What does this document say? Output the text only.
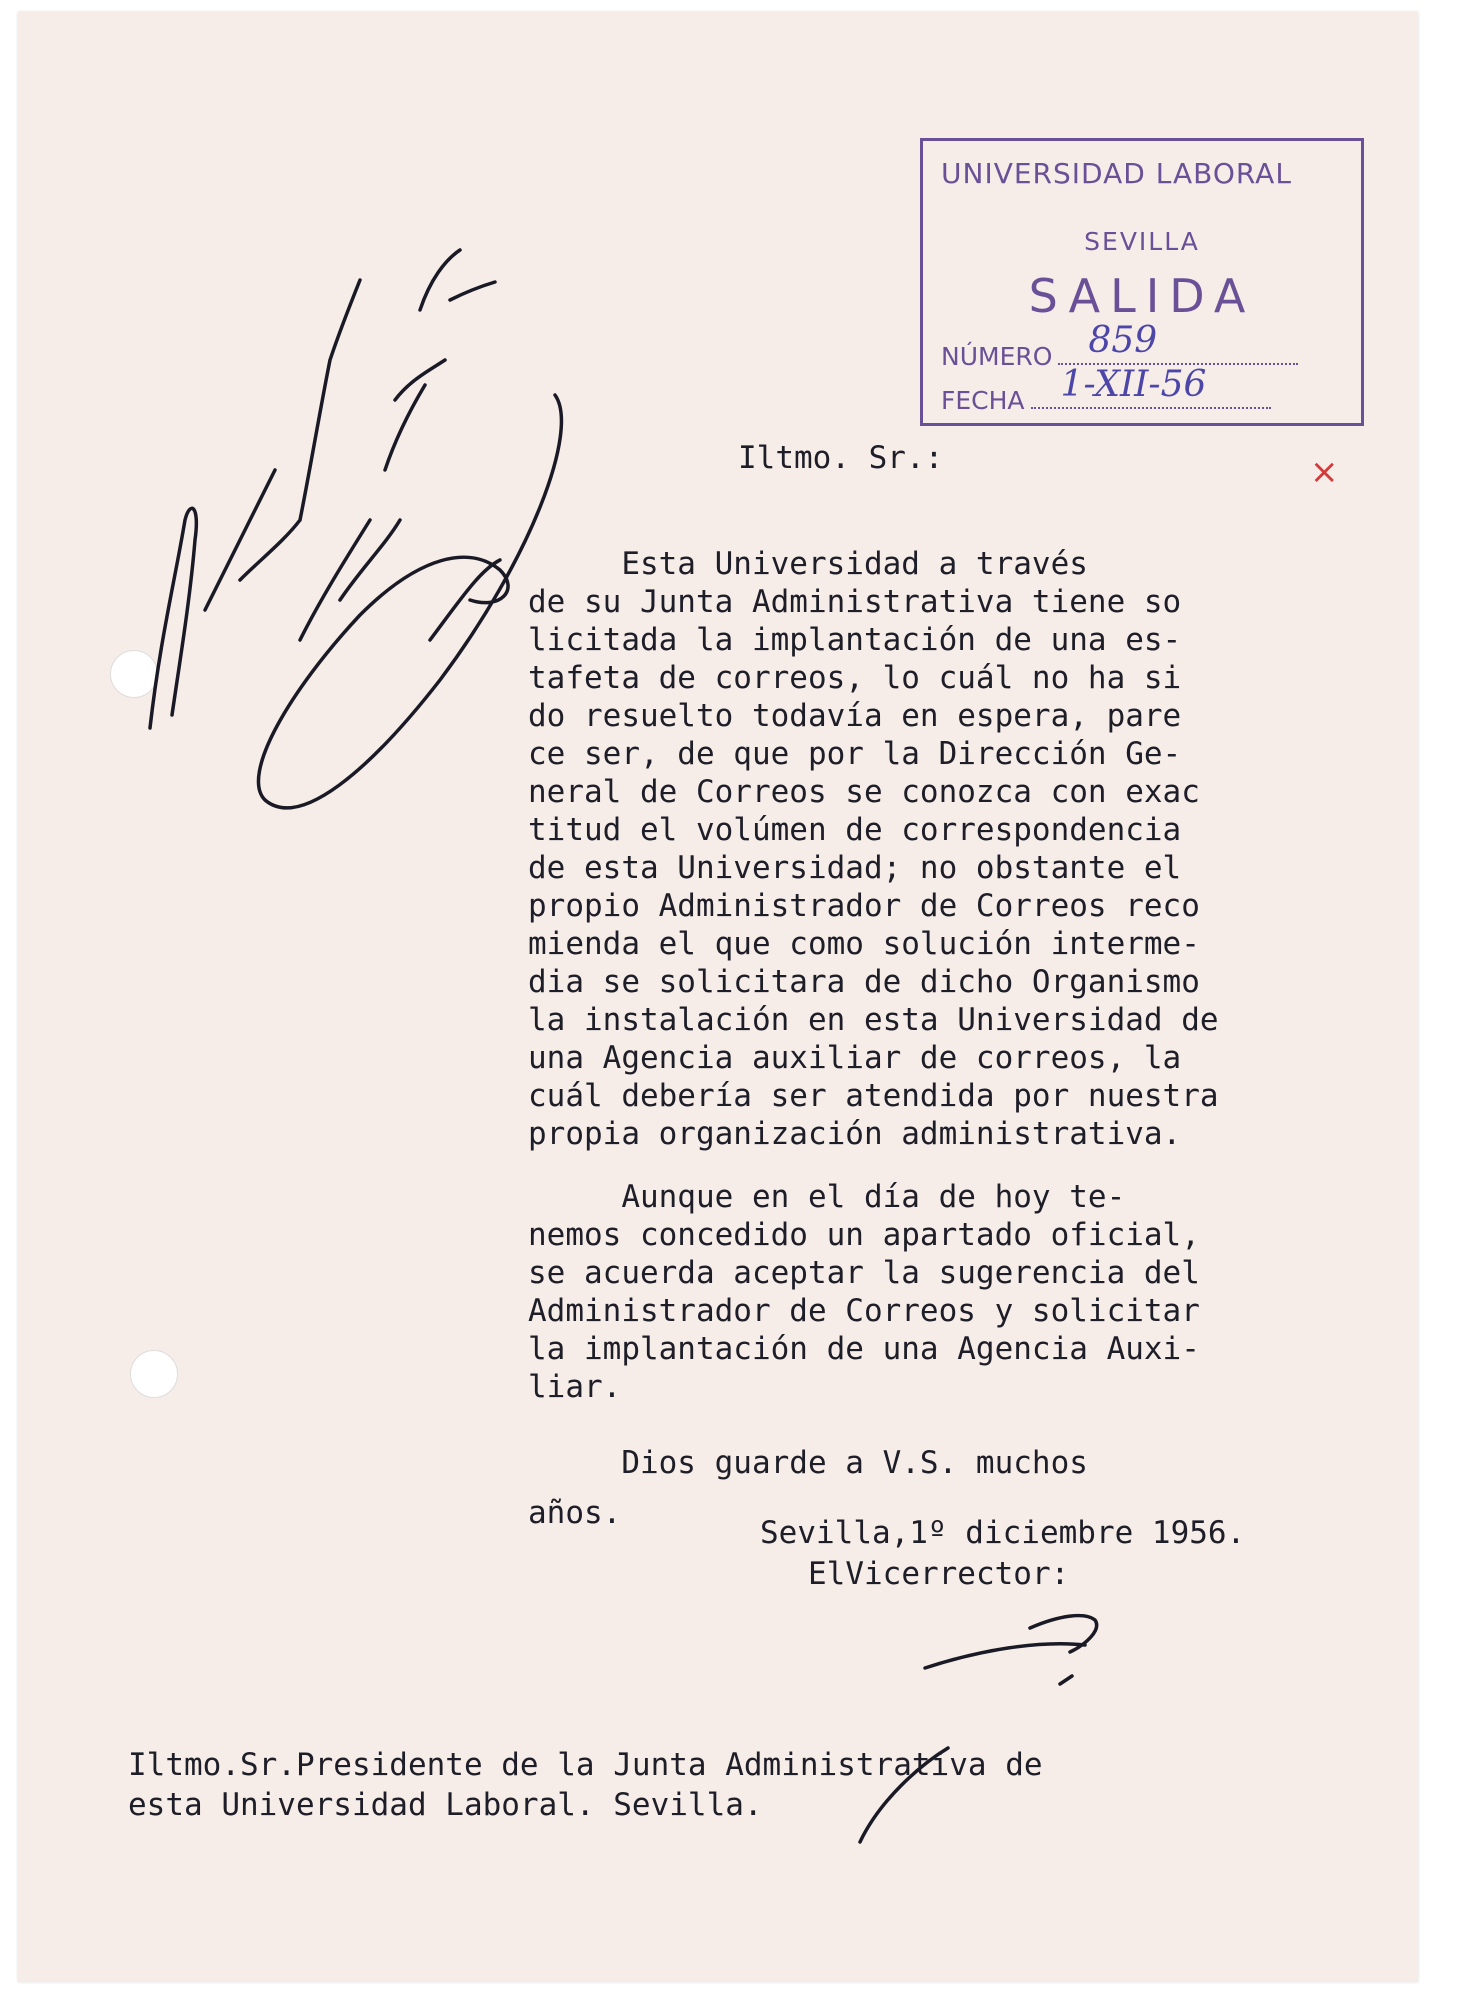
UNIVERSIDAD LABORAL
SEVILLA
SALIDA
NÚMERO 859
FECHA 1-XII-56
×
Iltmo. Sr.:
Esta Universidad a través
de su Junta Administrativa tiene so
licitada la implantación de una es-
tafeta de correos, lo cuál no ha si
do resuelto todavía en espera, pare
ce ser, de que por la Dirección Ge-
neral de Correos se conozca con exac
titud el volúmen de correspondencia
de esta Universidad; no obstante el
propio Administrador de Correos reco
mienda el que como solución interme-
dia se solicitara de dicho Organismo
la instalación en esta Universidad de
una Agencia auxiliar de correos, la
cuál debería ser atendida por nuestra
propia organización administrativa.
Aunque en el día de hoy te-
nemos concedido un apartado oficial,
se acuerda aceptar la sugerencia del
Administrador de Correos y solicitar
la implantación de una Agencia Auxi-
liar.
Dios guarde a V.S. muchos
años.
Sevilla,1º diciembre 1956.
ElVicerrector:
Iltmo.Sr.Presidente de la Junta Administrativa de
esta Universidad Laboral. Sevilla.
